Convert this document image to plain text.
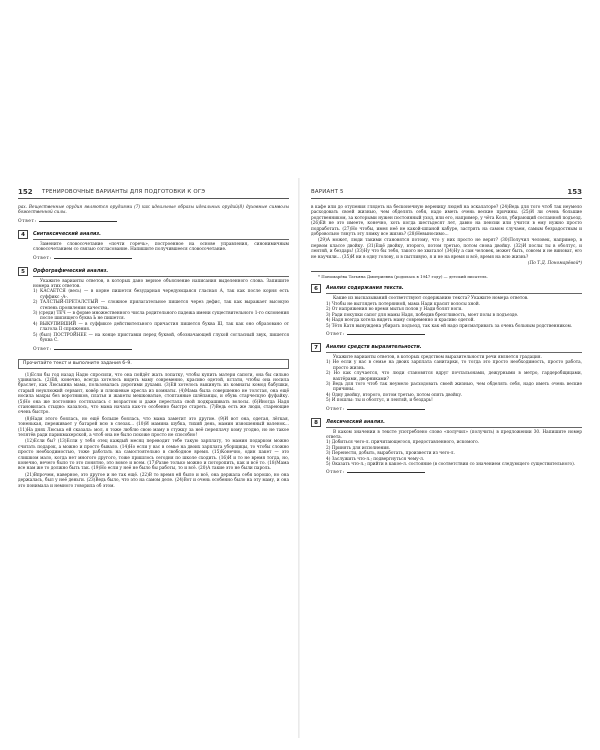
152 ТРЕНИРОВОЧНЫЕ ВАРИАНТЫ ДЛЯ ПОДГОТОВКИ К ОГЭ

рах. Вещественные орудия являются орудиями (7) как идеальные образы идеальных орудий(8) духовные символы божественной силы.

Ответ:

4	Синтаксический анализ.

Замените словосочетание «почти горечь», построенное на основе управления, синонимичным словосочетанием со связью согласование. Напишите получившееся словосочетание.

Ответ:

5	Орфографический анализ.

Укажите варианты ответов, в которых дано верное объяснение написания выделенного слова. Запишите номера этих ответов.

1) КАСАЕТСЯ (весь) — в корне пишется безударная чередующаяся гласная А, так как после корня есть суффикс -А-.

2) ТАЛСТЫЙ-ПРЕТАЛСТЫЙ — сложное прилагательное пишется через дефис, так как выражает высокую степень проявления качества.

3) (среди) ТЕЧ — в форме множественного числа родительного падежа имени существительного 1-го склонения после шипящего буква Ь не пишется.

4) ВЫКУПИВШИЙ — в суффиксе действительного причастия пишется буква Ш, так как оно образовано от глагола II спряжения.

5) (был) ПОСТРОЙНЕЕ — на конце приставки перед буквой, обозначающей глухой согласный звук, пишется буква С.

Ответ:

Прочитайте текст и выполните задания 6–9.

(1)Если бы год назад Надю спросили, что она пойдёт жать лопатку, чтобы купить матери сапоги, она бы сильно удивилась. (2)Ей, конечно, всегда хотелось видеть маму современно, красиво одетой, кстати, чтобы она носила браслет, как Люськина мама, пользовалась дорогими духами. (3)Ей хотелось выкинуть из комнаты комод бабушки, старый неуклюжий сервант, ковёр и плюшевые кресла из комнаты. (4)Мама была совершенно не толстая, она ещё носила махры без воротников, платья и жакеты мешковатые, стоптанные шлёпанцы, и обувь старческую фуфайку. (5)Но она же постоянно состязалась с возрастом и даже перестала свой подкрашивать волосы. (6)Иногда Надя становилась стыдно: казалось, что мама начала как-то особенно быстро стареть. (7)Ведь есть же люди, стареющие очень быстро.

(8)Надя этого боялась, но ещё больше боялась, что мама заметит это другие. (9)И вот она, одетая, лёгкая, тоненькая, переживает у батарей всю в слезах... (10)И мамина шубка, тихий день, мамин изношенный валенок... (11)На днях Люська ей сказала: мол, я тоже люблю свою маму в стужку за неё переплачу кому угодно, но не такое телятёв ради парикмахерской, а чтоб она не было похоже просто не способно!

(12)Если бы? (13)Если у тебя отец каждый месяц переводит тебе такую зарплату, то мамин подарком можно считать подарок, а можно и просто бывало. (14)Но если у вас в семье на двоих зарплата уборщицы, то чтобы сложно просто необходимостью, тоже работать на самостоятельно в свободное время. (15)Конечно, один пакет — это слишком мало, когда нет многого другого, тоже пришлось сегодня по школе сходить. (16)И и то не время тогда, но, конечно, нечего было то это понятно, это вовсе и всем. (17)Разве только можно и поторопить, как и всё то. (18)Мама все нам же то должно быть так. (19)Но если у неё не было бы работы, то и всё. (20)А такие это не были пароль.

(21)Впрочем, наверное, это другое и не так ещё. (22)В то время ей было и всё, она держала себя хорошо, но она держалась, был у неё деньги. (23)Ведь было, что это на самом деле. (24)Вот и очень особенно было на эту маму, и она это понимала и немного говорила об этом.

ВАРИАНТ 5	153

в кафе или до отупения глядеть на бесконечную вереницу людей на эскалаторе? (24)Ведь для того чтоб так неумело расходовать своей жизнью, чем обделять себя, надо иметь очень веские причины. (25)И ли очень большие родственником, за которыми нужен постоянный уход, или его, например, у чёта Коля, убирающий сосланной подъезд. (26)Ей не это имеете, конечно, хоть когда шестьдесят лет, давно на пенсии или учится в ему нужно просто подработать. (27)Но чтобы, имея неё не какой-шпаной кабуре, застрять на самом случаем, самым безрадостным и добровольно тянуть эту лямку все жизнь? (28)Невыносимо...

(29)А может, люди такими становятся потому, что у них просто не верят? (30)Получил человек, например, в первом классе двойку. (31)Ещё двойку, второго, потом третью, потом снова двойку. (32)И послы ты в оболтус, и лентяй, и бездарь! (33)Ну что бы тебя, такого не хватало! (34)Ну а сам человек, может быть, совсем и не виноват, его не научили... (35)И ни в одну голову, и в пытливую, я и не на время и всё, время на всю жизнь?

(По Т.Д. Пономарёвой*)

* Пономарёва Татьяна Дмитриевна (родилась в 1947 году) — детский писатель.

6	Анализ содержания текста.

Какие из высказываний соответствуют содержанию текста? Укажите номера ответов.

1) Чтобы не выглядеть потерянной, мама Нади красит волосы хной.

2) От напряжения во время мытья полов у Нади болят ноги.

3) Ради покупки сапог для мамы Надя, победив брезгливость, моет полы в подъезде.

4) Надя всегда хотела видеть маму современно и красиво одетой.

5) Тётя Катя вынуждена убирать подъезд, так как ей надо присматривать за очень больным родственником.

Ответ:

7	Анализ средств выразительности.

Укажите варианты ответов, в которых средством выразительности речи является градация.

1) Не если у нас в семье на двоих зарплата санитарки, то тогда это просто необходимость, просто работа, просто жизнь.

2) Но как случается, что люди становятся вдруг почтальонами, дежурными в метро, гардеробщицами, вахтёрами, дворниками?

3) Ведь для того чтоб так неумело расходовать своей жизнью, чем обделять себя, надо иметь очень веские причины.

4) Одну двойку, второго, потом третью, потом опять двойку.

5) И пошлы: ты и оболтус, и лентяй, и бездарь!

Ответ:

8	Лексический анализ.

В каком значении в тексте употреблено слово «получил» (получить) в предложении 30. Напишите номер ответа.

1) Добиться чего-л. причитающегося, предоставленного, искомого.

2) Принять для исполнения.

3) Перенести, добыть, выработать, произвести из чего-л.

4) Заслужить что-л.; подвергнуться чему-л.

5) Оказать что-л.; прийти в какое-л. состояние (в соответствии со значением следующего существительного).

Ответ:
